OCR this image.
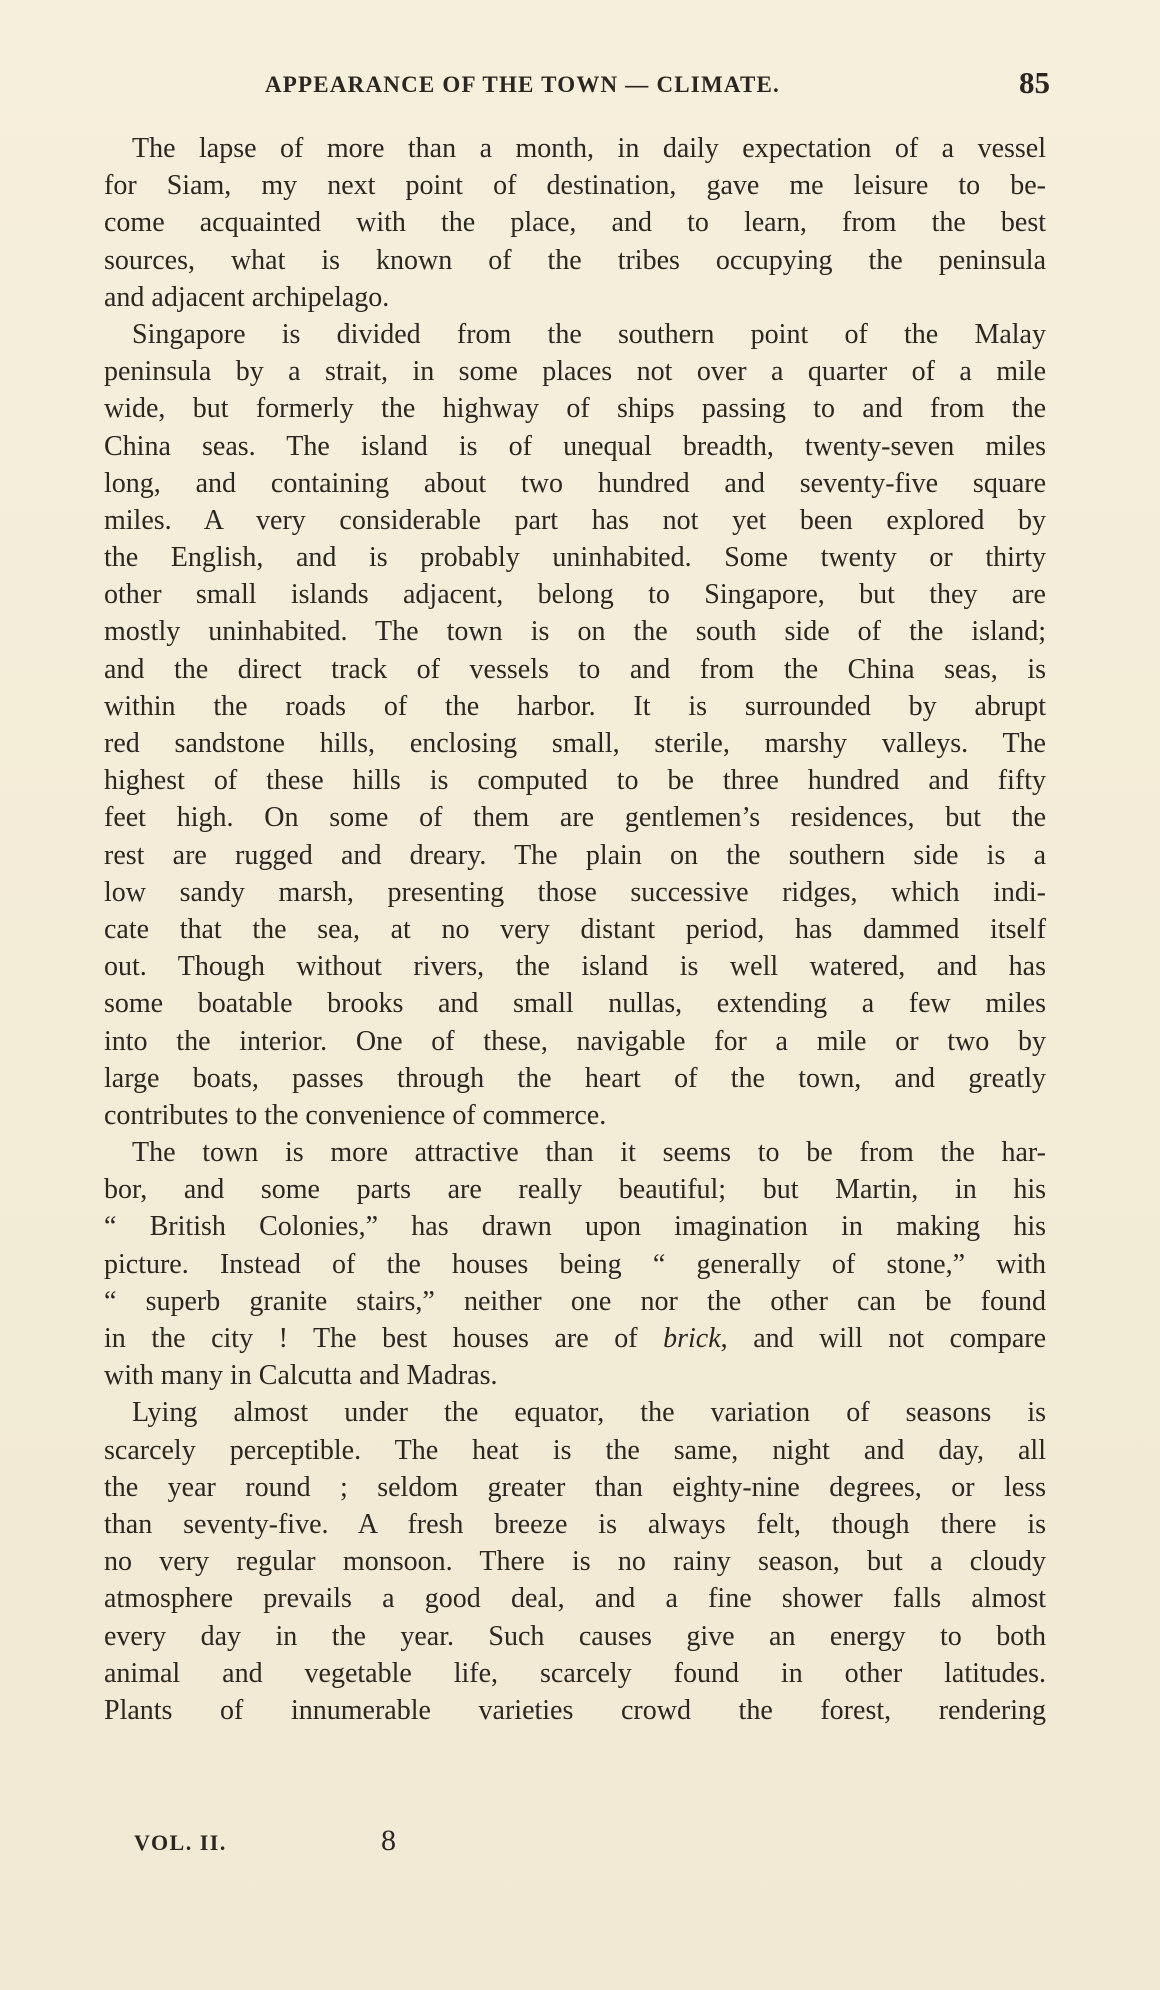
APPEARANCE OF THE TOWN — CLIMATE.	85
The lapse of more than a month, in daily expectation of a vessel
for Siam, my next point of destination, gave me leisure to be-
come acquainted with the place, and to learn, from the best
sources, what is known of the tribes occupying the peninsula
and adjacent archipelago.
Singapore is divided from the southern point of the Malay
peninsula by a strait, in some places not over a quarter of a mile
wide, but formerly the highway of ships passing to and from the
China seas. The island is of unequal breadth, twenty-seven miles
long, and containing about two hundred and seventy-five square
miles. A very considerable part has not yet been explored by
the English, and is probably uninhabited. Some twenty or thirty
other small islands adjacent, belong to Singapore, but they are
mostly uninhabited. The town is on the south side of the island;
and the direct track of vessels to and from the China seas, is
within the roads of the harbor. It is surrounded by abrupt
red sandstone hills, enclosing small, sterile, marshy valleys. The
highest of these hills is computed to be three hundred and fifty
feet high. On some of them are gentlemen’s residences, but the
rest are rugged and dreary. The plain on the southern side is a
low sandy marsh, presenting those successive ridges, which indi-
cate that the sea, at no very distant period, has dammed itself
out. Though without rivers, the island is well watered, and has
some boatable brooks and small nullas, extending a few miles
into the interior. One of these, navigable for a mile or two by
large boats, passes through the heart of the town, and greatly
contributes to the convenience of commerce.
The town is more attractive than it seems to be from the har-
bor, and some parts are really beautiful; but Martin, in his
“ British Colonies,” has drawn upon imagination in making his
picture. Instead of the houses being “ generally of stone,” with
“ superb granite stairs,” neither one nor the other can be found
in the city ! The best houses are of brick, and will not compare
with many in Calcutta and Madras.
Lying almost under the equator, the variation of seasons is
scarcely perceptible. The heat is the same, night and day, all
the year round ; seldom greater than eighty-nine degrees, or less
than seventy-five. A fresh breeze is always felt, though there is
no very regular monsoon. There is no rainy season, but a cloudy
atmosphere prevails a good deal, and a fine shower falls almost
every day in the year. Such causes give an energy to both
animal and vegetable life, scarcely found in other latitudes.
Plants of innumerable varieties crowd the forest, rendering
VOL. II.	8
